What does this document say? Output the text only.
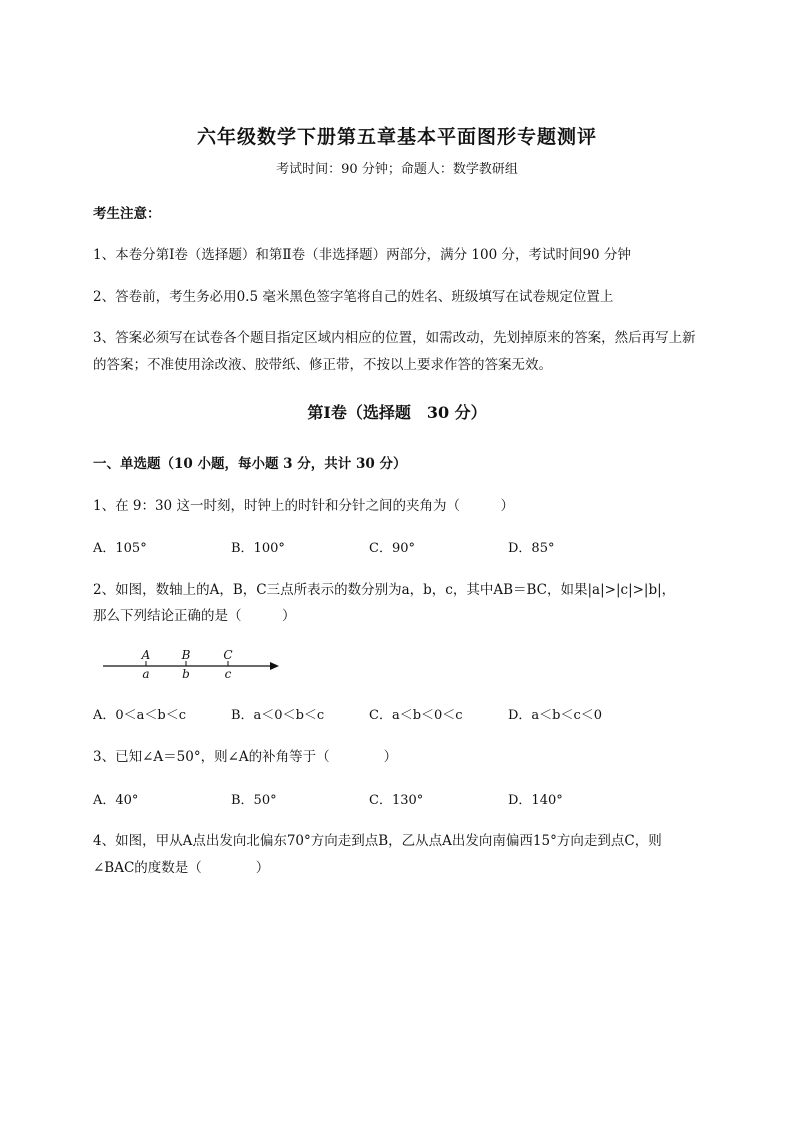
六年级数学下册第五章基本平面图形专题测评
考试时间：90 分钟；命题人：数学教研组
考生注意：
1、本卷分第Ⅰ卷（选择题）和第Ⅱ卷（非选择题）两部分，满分 100 分，考试时间90 分钟
2、答卷前，考生务必用0.5 毫米黑色签字笔将自己的姓名、班级填写在试卷规定位置上
3、答案必须写在试卷各个题目指定区域内相应的位置，如需改动，先划掉原来的答案，然后再写上新
的答案；不准使用涂改液、胶带纸、修正带，不按以上要求作答的答案无效。
第Ⅰ卷（选择题　30 分）
一、单选题（10 小题，每小题 3 分，共计 30 分）
1、在 9：30 这一时刻，时钟上的时针和分针之间的夹角为（　　　）
A．105°	B．100°	C．90°	D．85°
2、如图，数轴上的A，B，C三点所表示的数分别为a，b，c，其中AB＝BC，如果|a|>|c|>|b|，
那么下列结论正确的是（　　　）
A	B	C
a	b	c
A．0＜a＜b＜c	B．a＜0＜b＜c	C．a＜b＜0＜c	D．a＜b＜c＜0
3、已知∠A＝50°，则∠A的补角等于（　　　　）
A．40°	B．50°	C．130°	D．140°
4、如图，甲从A点出发向北偏东70°方向走到点B，乙从点A出发向南偏西15°方向走到点C，则
∠BAC的度数是（　　　　）
